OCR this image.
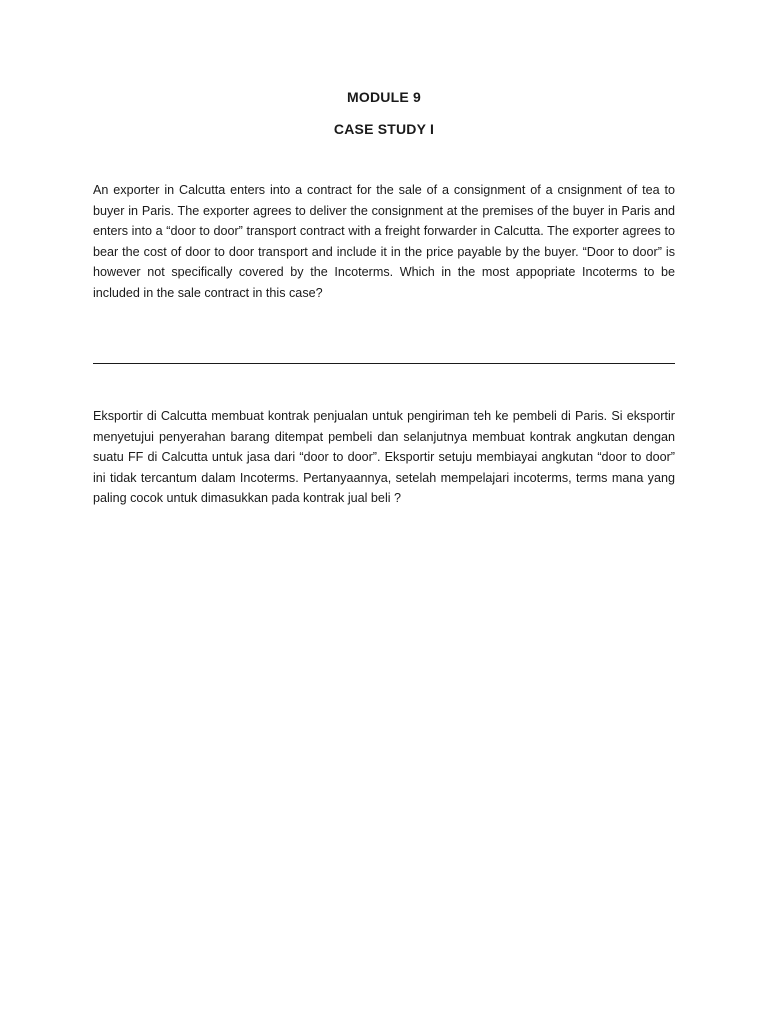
MODULE 9
CASE STUDY I

An exporter in Calcutta enters into a contract for the sale of a consignment of a cnsignment of tea to buyer in Paris. The exporter agrees to deliver the consignment at the premises of the buyer in Paris and enters into a “door to door” transport contract with a freight forwarder in Calcutta. The exporter agrees to bear the cost of door to door transport and include it in the price payable by the buyer. “Door to door” is however not specifically covered by the Incoterms. Which in the most appopriate Incoterms to be included in the sale contract in this case?

Eksportir di Calcutta membuat kontrak penjualan untuk pengiriman teh ke pembeli di Paris. Si eksportir menyetujui penyerahan barang ditempat pembeli dan selanjutnya membuat kontrak angkutan dengan suatu FF di Calcutta untuk jasa dari “door to door”. Eksportir setuju membiayai angkutan “door to door” ini tidak tercantum dalam Incoterms. Pertanyaannya, setelah mempelajari incoterms, terms mana yang paling cocok untuk dimasukkan pada kontrak jual beli ?
